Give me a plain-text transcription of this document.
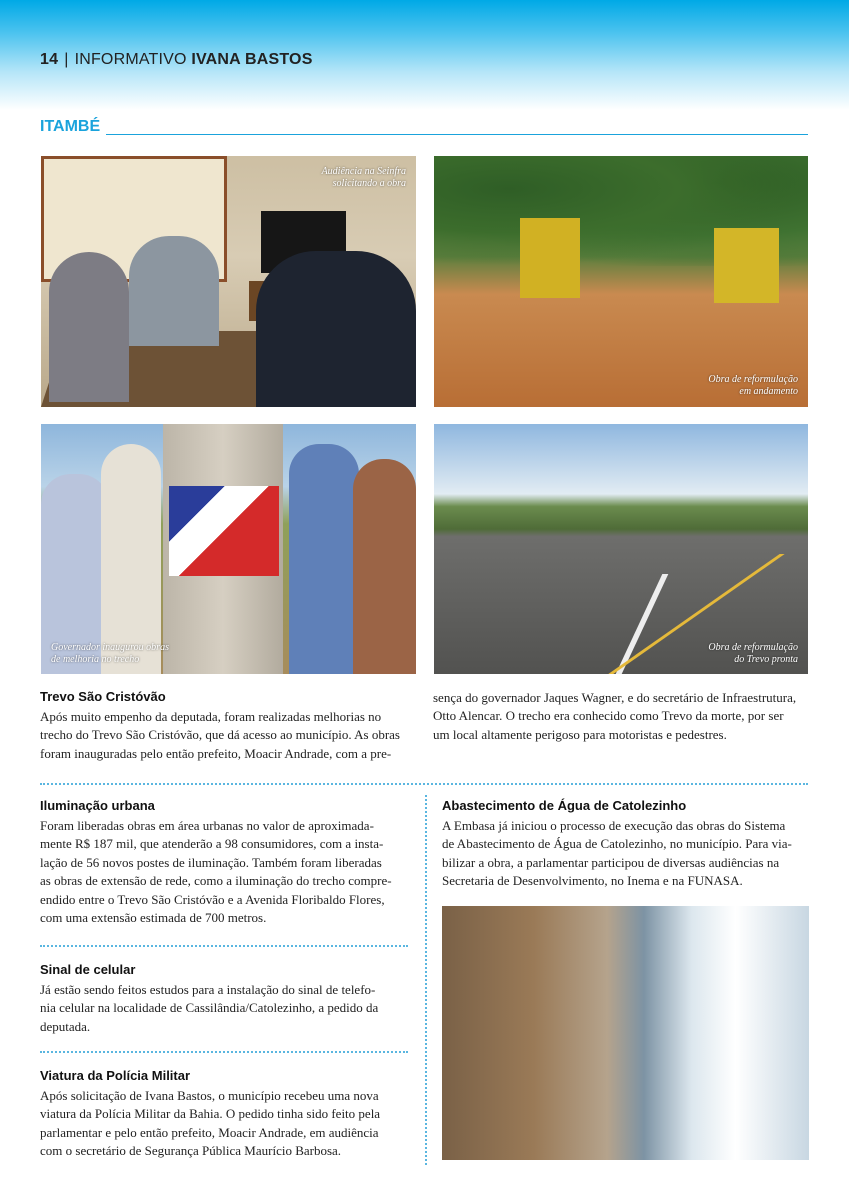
14 | INFORMATIVO IVANA BASTOS
ITAMBÉ
Audiência na Seinfra
solicitando a obra
Obra de reformulação
em andamento
Governador inaugurou obras
de melhoria no trecho
Obra de reformulação
do Trevo pronta
Trevo São Cristóvão
Após muito empenho da deputada, foram realizadas melhorias no
trecho do Trevo São Cristóvão, que dá acesso ao município. As obras
foram inauguradas pelo então prefeito, Moacir Andrade, com a pre-
sença do governador Jaques Wagner, e do secretário de Infraestrutura,
Otto Alencar. O trecho era conhecido como Trevo da morte, por ser
um local altamente perigoso para motoristas e pedestres.
Iluminação urbana
Foram liberadas obras em área urbanas no valor de aproximada-
mente R$ 187 mil, que atenderão a 98 consumidores, com a insta-
lação de 56 novos postes de iluminação. Também foram liberadas
as obras de extensão de rede, como a iluminação do trecho compre-
endido entre o Trevo São Cristóvão e a Avenida Floribaldo Flores,
com uma extensão estimada de 700 metros.
Sinal de celular
Já estão sendo feitos estudos para a instalação do sinal de telefo-
nia celular na localidade de Cassilândia/Catolezinho, a pedido da
deputada.
Viatura da Polícia Militar
Após solicitação de Ivana Bastos, o município recebeu uma nova
viatura da Polícia Militar da Bahia. O pedido tinha sido feito pela
parlamentar e pelo então prefeito, Moacir Andrade, em audiência
com o secretário de Segurança Pública Maurício Barbosa.
Abastecimento de Água de Catolezinho
A Embasa já iniciou o processo de execução das obras do Sistema
de Abastecimento de Água de Catolezinho, no município. Para via-
bilizar a obra, a parlamentar participou de diversas audiências na
Secretaria de Desenvolvimento, no Inema e na FUNASA.
